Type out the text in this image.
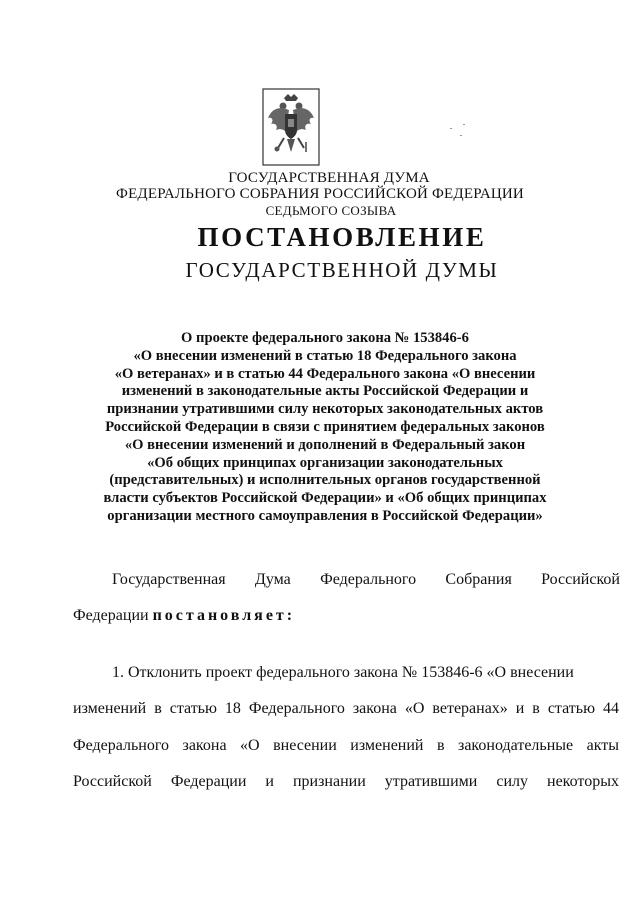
ГОСУДАРСТВЕННАЯ ДУМА
ФЕДЕРАЛЬНОГО СОБРАНИЯ РОССИЙСКОЙ ФЕДЕРАЦИИ
СЕДЬМОГО СОЗЫВА
ПОСТАНОВЛЕНИЕ
ГОСУДАРСТВЕННОЙ ДУМЫ
О проекте федерального закона № 153846-6
«О внесении изменений в статью 18 Федерального закона
«О ветеранах» и в статью 44 Федерального закона «О внесении
изменений в законодательные акты Российской Федерации и
признании утратившими силу некоторых законодательных актов
Российской Федерации в связи с принятием федеральных законов
«О внесении изменений и дополнений в Федеральный закон
«Об общих принципах организации законодательных
(представительных) и исполнительных органов государственной
власти субъектов Российской Федерации» и «Об общих принципах
организации местного самоуправления в Российской Федерации»
Государственная Дума Федерального Собрания Российской
Федерации постановляет:
1. Отклонить проект федерального закона № 153846-6 «О внесении
изменений в статью 18 Федерального закона «О ветеранах» и в статью 44
Федерального закона «О внесении изменений в законодательные акты
Российской Федерации и признании утратившими силу некоторых
